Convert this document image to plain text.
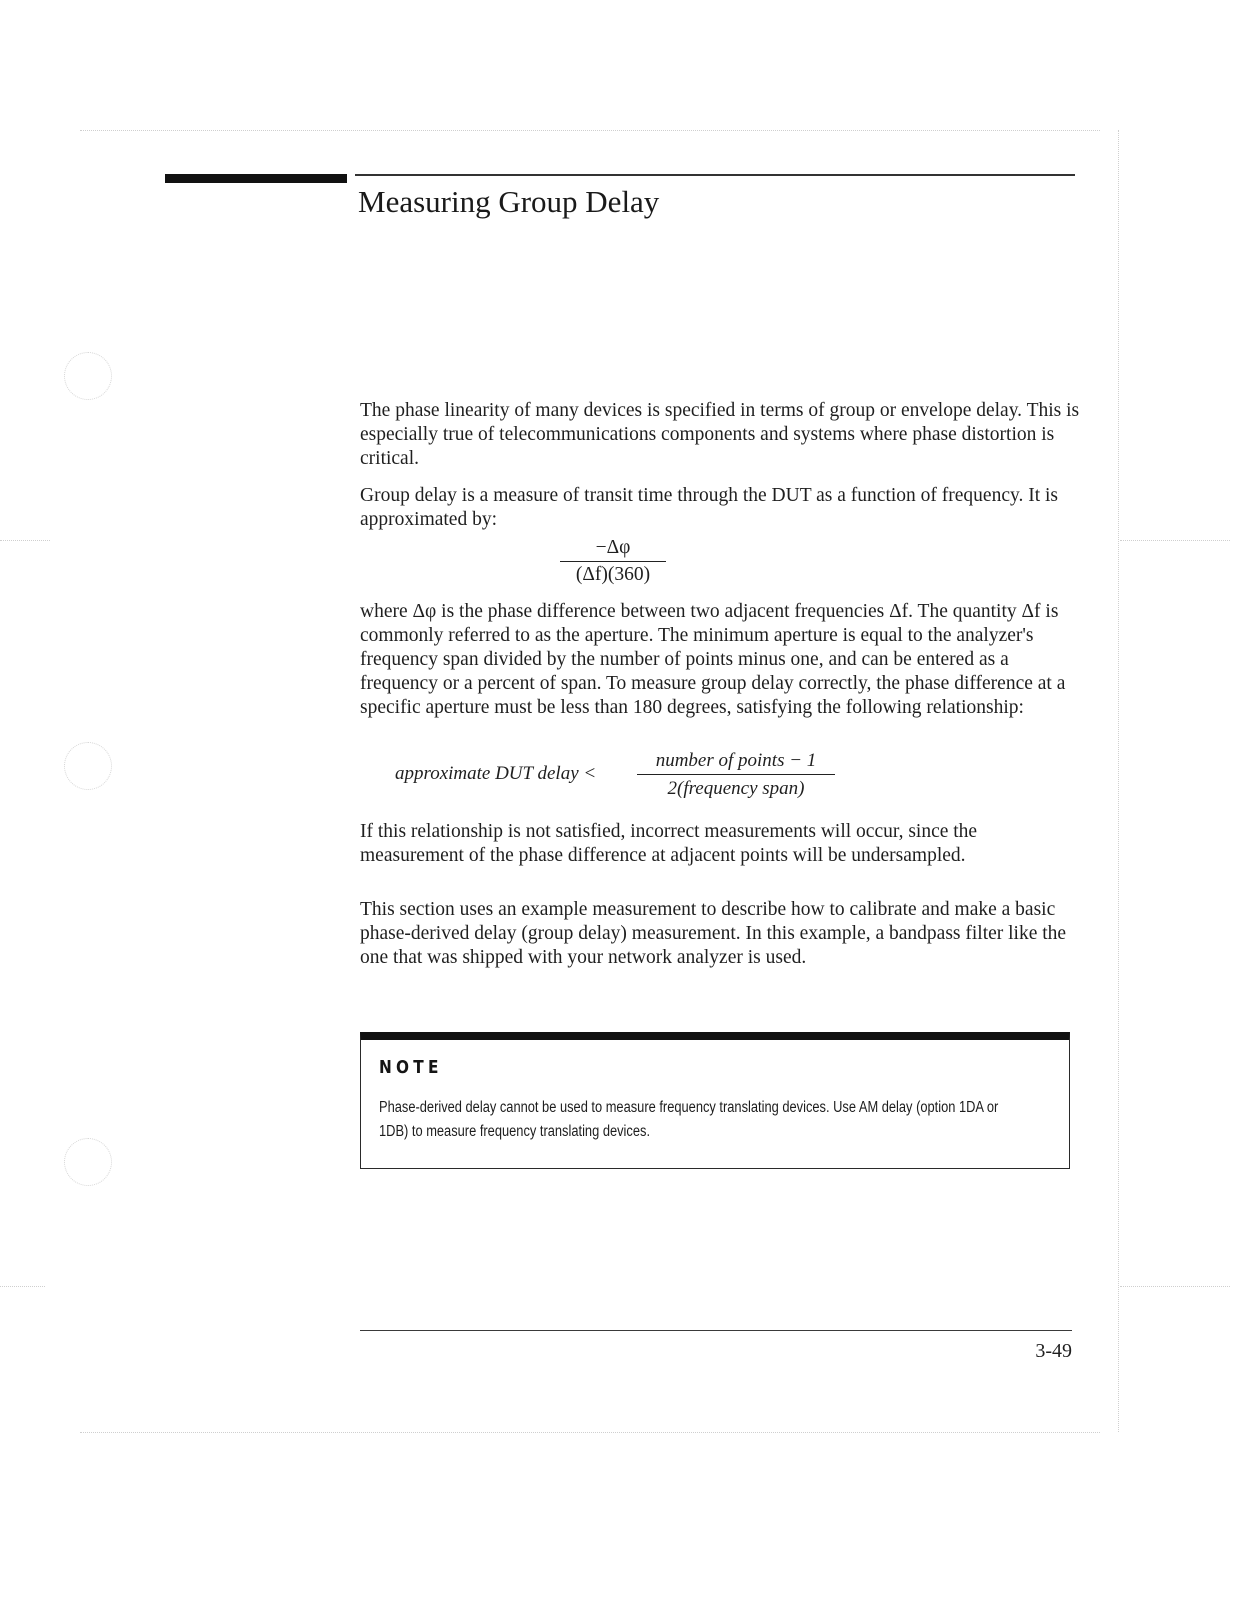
Measuring Group Delay

The phase linearity of many devices is specified in terms of group or envelope delay. This is especially true of telecommunications components and systems where phase distortion is critical.

Group delay is a measure of transit time through the DUT as a function of frequency. It is approximated by:

−Δφ
(Δf)(360)

where Δφ is the phase difference between two adjacent frequencies Δf. The quantity Δf is commonly referred to as the aperture. The minimum aperture is equal to the analyzer's frequency span divided by the number of points minus one, and can be entered as a frequency or a percent of span. To measure group delay correctly, the phase difference at a specific aperture must be less than 180 degrees, satisfying the following relationship:

approximate DUT delay <
number of points − 1
2(frequency span)

If this relationship is not satisfied, incorrect measurements will occur, since the measurement of the phase difference at adjacent points will be undersampled.

This section uses an example measurement to describe how to calibrate and make a basic phase-derived delay (group delay) measurement. In this example, a bandpass filter like the one that was shipped with your network analyzer is used.

NOTE

Phase-derived delay cannot be used to measure frequency translating devices. Use AM delay (option 1DA or 1DB) to measure frequency translating devices.

3-49
